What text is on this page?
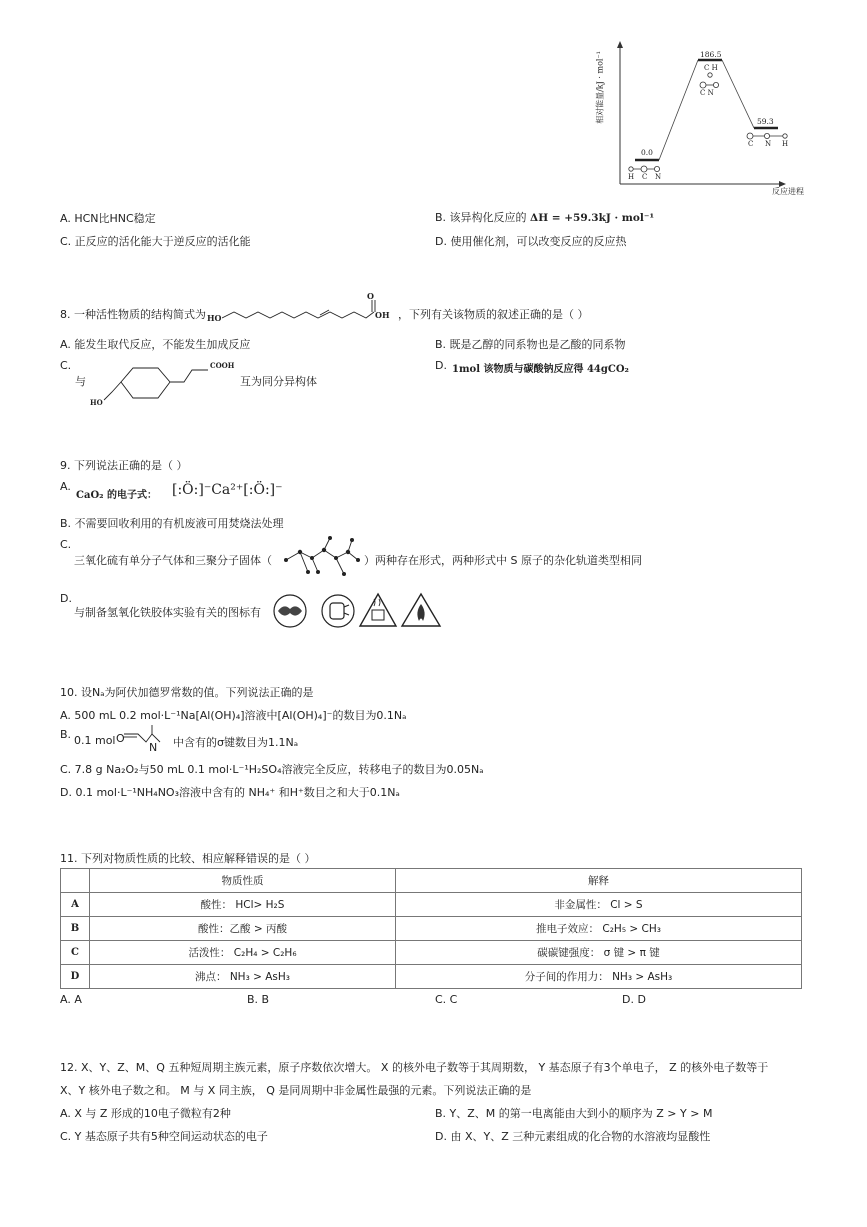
相对能量/kJ · mol⁻¹
反应进程
0.0
186.5
59.3
C H
C N
H C N
C N H
A. HCN比HNC稳定	B. 该异构化反应的 ΔH = +59.3kJ · mol⁻¹
C. 正反应的活化能大于逆反应的活化能	D. 使用催化剂，可以改变反应的反应热
8. 一种活性物质的结构简式为 HO
O
OH ，下列有关该物质的叙述正确的是（ ）
A. 能发生取代反应，不能发生加成反应	B. 既是乙醇的同系物也是乙酸的同系物
C.
与
COOH
HO
互为同分异构体
D. 1mol 该物质与碳酸钠反应得 44gCO₂
9. 下列说法正确的是（ ）
A.
CaO₂ 的电子式： [:Ö:]⁻Ca²⁺[:Ö:]⁻
B. 不需要回收利用的有机废液可用焚烧法处理
C.
三氧化硫有单分子气体和三聚分子固体（	）两种存在形式，两种形式中 S 原子的杂化轨道类型相同
D.
与制备氢氧化铁胶体实验有关的图标有
10. 设Nₐ为阿伏加德罗常数的值。下列说法正确的是
A. 500 mL 0.2 mol·L⁻¹Na[Al(OH)₄]溶液中[Al(OH)₄]⁻的数目为0.1Nₐ
B. 0.1 mol O
N 中含有的σ键数目为1.1Nₐ
C. 7.8 g Na₂O₂与50 mL 0.1 mol·L⁻¹H₂SO₄溶液完全反应，转移电子的数目为0.05Nₐ
D. 0.1 mol·L⁻¹NH₄NO₃溶液中含有的 NH₄⁺ 和H⁺数目之和大于0.1Nₐ
11. 下列对物质性质的比较、相应解释错误的是（ ）
	物质性质	解释
A	酸性： HCl> H₂S	非金属性： Cl > S
B	酸性：乙酸 > 丙酸	推电子效应： C₂H₅ > CH₃
C	活泼性： C₂H₄ > C₂H₆	碳碳键强度： σ 键 > π 键
D	沸点： NH₃ > AsH₃	分子间的作用力： NH₃ > AsH₃
A. A	B. B	C. C	D. D
12. X、Y、Z、M、Q 五种短周期主族元素，原子序数依次增大。 X 的核外电子数等于其周期数， Y 基态原子有3个单电子， Z 的核外电子数等于
X、Y 核外电子数之和。 M 与 X 同主族， Q 是同周期中非金属性最强的元素。下列说法正确的是
A. X 与 Z 形成的10电子微粒有2种	B. Y、Z、M 的第一电离能由大到小的顺序为 Z > Y > M
C. Y 基态原子共有5种空间运动状态的电子	D. 由 X、Y、Z 三种元素组成的化合物的水溶液均显酸性
